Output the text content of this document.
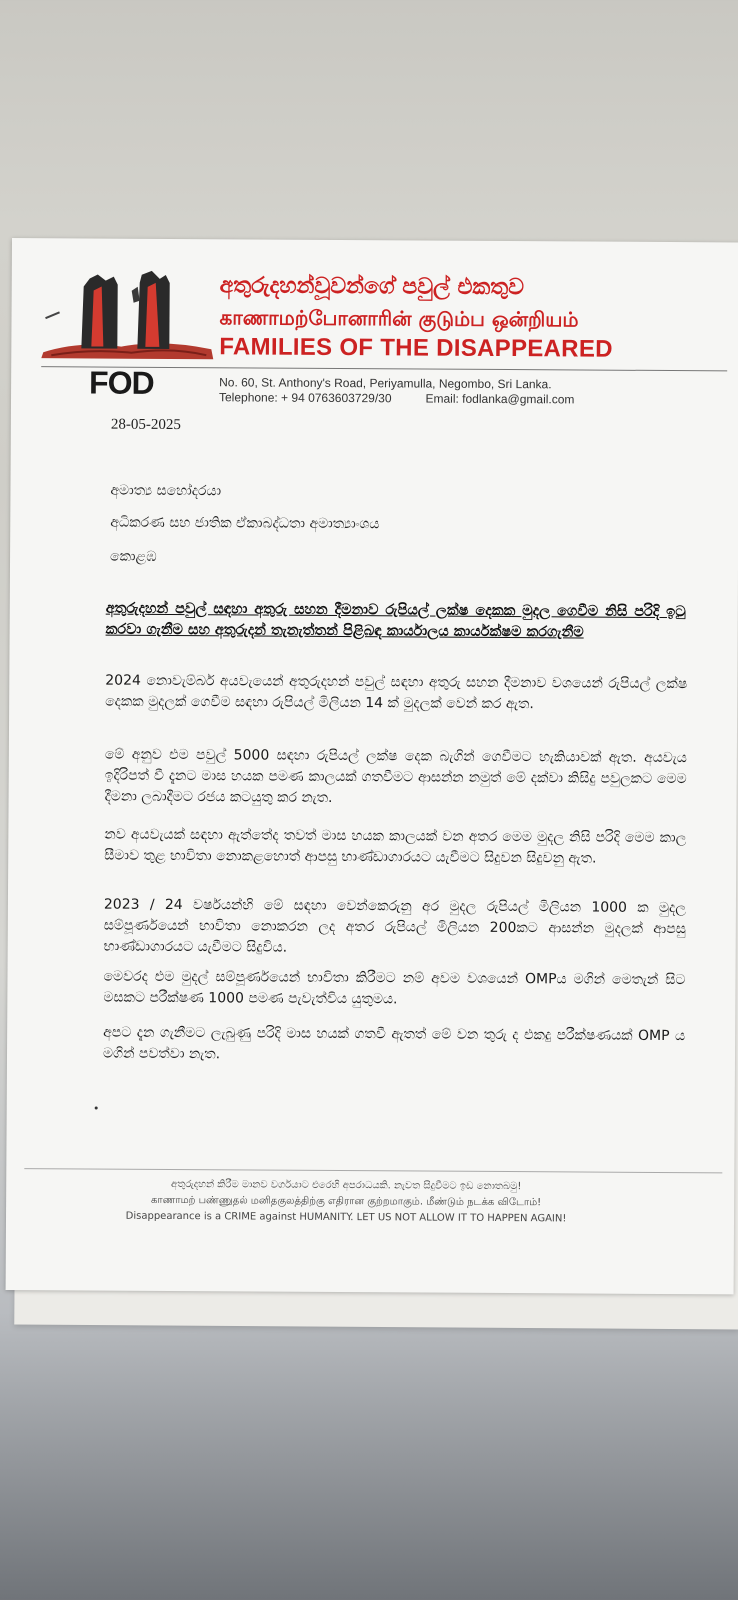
FOD
අතුරුදහන්වූවන්ගේ පවුල් එකතුව
காணாமற்போனாரின் குடும்ப ஒன்றியம்
FAMILIES OF THE DISAPPEARED
No. 60, St. Anthony's Road, Periyamulla, Negombo, Sri Lanka.
Telephone: + 94 0763603729/30	Email: fodlanka@gmail.com
28-05-2025
අමාත්‍ය සහෝදරයා
අධිකරණ සහ ජාතික ඒකාබද්ධතා අමාත්‍යාංශය
කොළඹ
අතුරුදහන් පවුල් සඳහා අතුරු සහන දීමනාව රුපියල් ලක්ෂ දෙකක මුදල ගෙවීම නිසි පරිදි ඉටු කරවා ගැනීම සහ අතුරුදන් තැනැත්තන් පිළිබඳ කාර්යාලය කාර්යක්ෂම කරගැනීම
2024 නොවැම්බර් අයවැයෙන් අතුරුදහන් පවුල් සඳහා අතුරු සහන දීමනාව වශයෙන් රුපියල් ලක්ෂ දෙකක මුදලක් ගෙවීම සඳහා රුපියල් මිලියන 14 ක් මුදලක් වෙන් කර ඇත.
මේ අනුව එම පවුල් 5000 සඳහා රුපියල් ලක්ෂ දෙක බැගින් ගෙවීමට හැකියාවක් ඇත. අයවැය ඉදිරිපත් වී දැනට මාස හයක පමණ කාලයක් ගතවීමට ආසන්න නමුත් මේ දක්වා කිසිදු පවුලකට මෙම දීමනා ලබාදීමට රජය කටයුතු කර නැත.
නව අයවැයක් සඳහා ඇත්තේද තවත් මාස හයක කාලයක් වන අතර මෙම මුදල නිසි පරිදි මෙම කාල සීමාව තුළ භාවිතා නොකළහොත් ආපසු භාණ්ඩාගාරයට යැවීමට සිදුවන සිදුවනු ඇත.
2023 / 24 වර්ෂයන්හි මේ සඳහා වෙන්කෙරුනු අර මුදල රුපියල් මිලියන 1000 ක මුදල සම්පූර්ණයෙන් භාවිතා නොකරන ලද අතර රුපියල් මිලියන 200කට ආසන්න මුදලක් ආපසු භාණ්ඩාගාරයට යැවීමට සිදුවිය.
මෙවරද එම මුදල් සම්පූර්ණයෙන් භාවිතා කිරීමට නම් අවම වශයෙන් OMPය මගින් මෙතැන් සිට මසකට පරීක්ෂණ 1000 පමණ පැවැත්විය යුතුමය.
අපට දැන ගැනීමට ලැබුණු පරිදි මාස හයක් ගතවී ඇතත් මේ වන තුරු ද එකදු පරීක්ෂණයක් OMP ය මගින් පවත්වා නැත.
අතුරුදහන් කිරීම මානව වර්ගයාට එරෙහි අපරාධයකි. නැවත සිදුවීමට ඉඩ නොතබමු!
காணாமற் பண்ணுதல் மனிதகுலத்திற்கு எதிரான குற்றமாகும். மீண்டும் நடக்க விடோம்!
Disappearance is a CRIME against HUMANITY. LET US NOT ALLOW IT TO HAPPEN AGAIN!
